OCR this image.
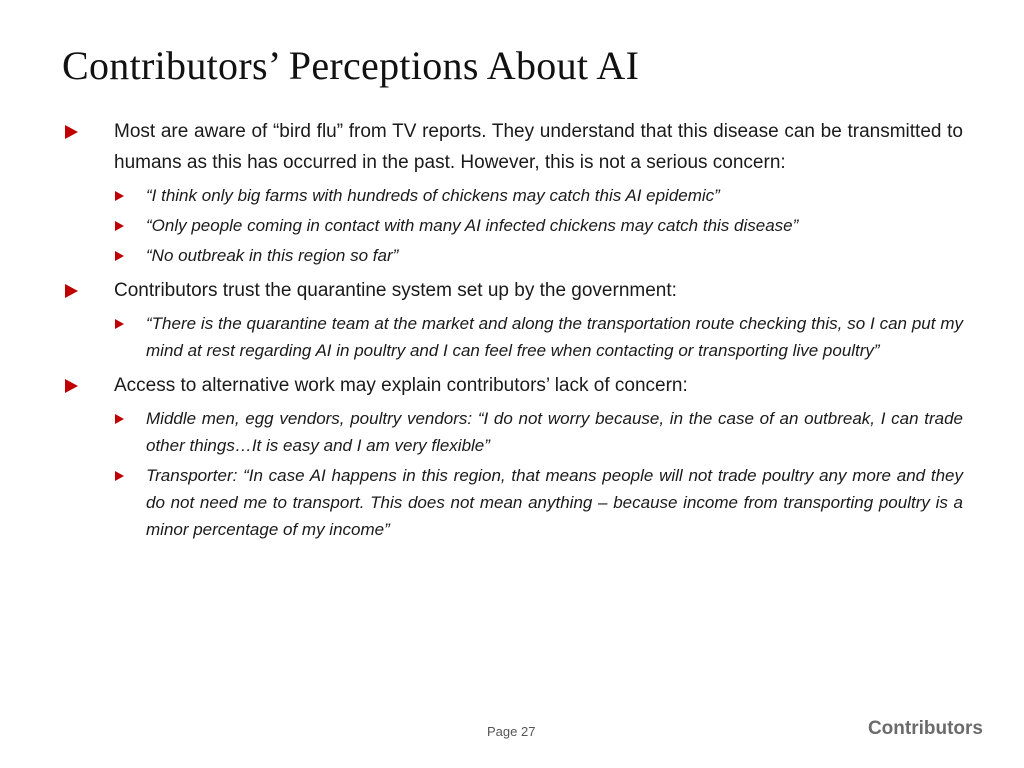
Contributors’ Perceptions About AI
Most are aware of “bird flu” from TV reports. They understand that this disease can be transmitted to humans as this has occurred in the past. However, this is not a serious concern:
“I think only big farms with hundreds of chickens may catch this AI epidemic”
“Only people coming in contact with many AI infected chickens may catch this disease”
“No outbreak in this region so far”
Contributors trust the quarantine system set up by the government:
“There is the quarantine team at the market and along the transportation route checking this, so I can put my mind at rest regarding AI in poultry and I can feel free when contacting or transporting live poultry”
Access to alternative work may explain contributors’ lack of concern:
Middle men, egg vendors, poultry vendors: “I do not worry because, in the case of an outbreak, I can trade other things…It is easy and I am very flexible”
Transporter: “In case AI happens in this region, that means people will not trade poultry any more and they do not need me to transport. This does not mean anything – because income from transporting poultry is a minor percentage of my income”
Page 27	Contributors
